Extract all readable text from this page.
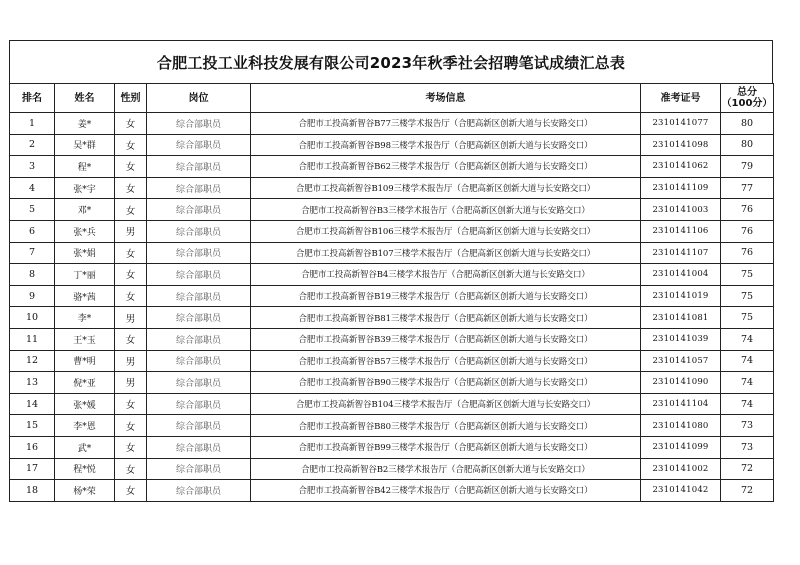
合肥工投工业科技发展有限公司2023年秋季社会招聘笔试成绩汇总表
排名	姓名	性别	岗位	考场信息	准考证号	总分
（100分）

1	姜*	女	综合部职员	合肥市工投高新智谷B77三楼学术报告厅（合肥高新区创新大道与长安路交口）	2310141077	80
2	吴*群	女	综合部职员	合肥市工投高新智谷B98三楼学术报告厅（合肥高新区创新大道与长安路交口）	2310141098	80
3	程*	女	综合部职员	合肥市工投高新智谷B62三楼学术报告厅（合肥高新区创新大道与长安路交口）	2310141062	79
4	张*宇	女	综合部职员	合肥市工投高新智谷B109三楼学术报告厅（合肥高新区创新大道与长安路交口）	2310141109	77
5	邓*	女	综合部职员	合肥市工投高新智谷B3三楼学术报告厅（合肥高新区创新大道与长安路交口）	2310141003	76
6	张*兵	男	综合部职员	合肥市工投高新智谷B106三楼学术报告厅（合肥高新区创新大道与长安路交口）	2310141106	76
7	张*娟	女	综合部职员	合肥市工投高新智谷B107三楼学术报告厅（合肥高新区创新大道与长安路交口）	2310141107	76
8	丁*丽	女	综合部职员	合肥市工投高新智谷B4三楼学术报告厅（合肥高新区创新大道与长安路交口）	2310141004	75
9	骆*茜	女	综合部职员	合肥市工投高新智谷B19三楼学术报告厅（合肥高新区创新大道与长安路交口）	2310141019	75
10	李*	男	综合部职员	合肥市工投高新智谷B81三楼学术报告厅（合肥高新区创新大道与长安路交口）	2310141081	75
11	王*玉	女	综合部职员	合肥市工投高新智谷B39三楼学术报告厅（合肥高新区创新大道与长安路交口）	2310141039	74
12	曹*明	男	综合部职员	合肥市工投高新智谷B57三楼学术报告厅（合肥高新区创新大道与长安路交口）	2310141057	74
13	倪*亚	男	综合部职员	合肥市工投高新智谷B90三楼学术报告厅（合肥高新区创新大道与长安路交口）	2310141090	74
14	张*媛	女	综合部职员	合肥市工投高新智谷B104三楼学术报告厅（合肥高新区创新大道与长安路交口）	2310141104	74
15	李*恩	女	综合部职员	合肥市工投高新智谷B80三楼学术报告厅（合肥高新区创新大道与长安路交口）	2310141080	73
16	武*	女	综合部职员	合肥市工投高新智谷B99三楼学术报告厅（合肥高新区创新大道与长安路交口）	2310141099	73
17	程*悦	女	综合部职员	合肥市工投高新智谷B2三楼学术报告厅（合肥高新区创新大道与长安路交口）	2310141002	72
18	杨*荣	女	综合部职员	合肥市工投高新智谷B42三楼学术报告厅（合肥高新区创新大道与长安路交口）	2310141042	72
